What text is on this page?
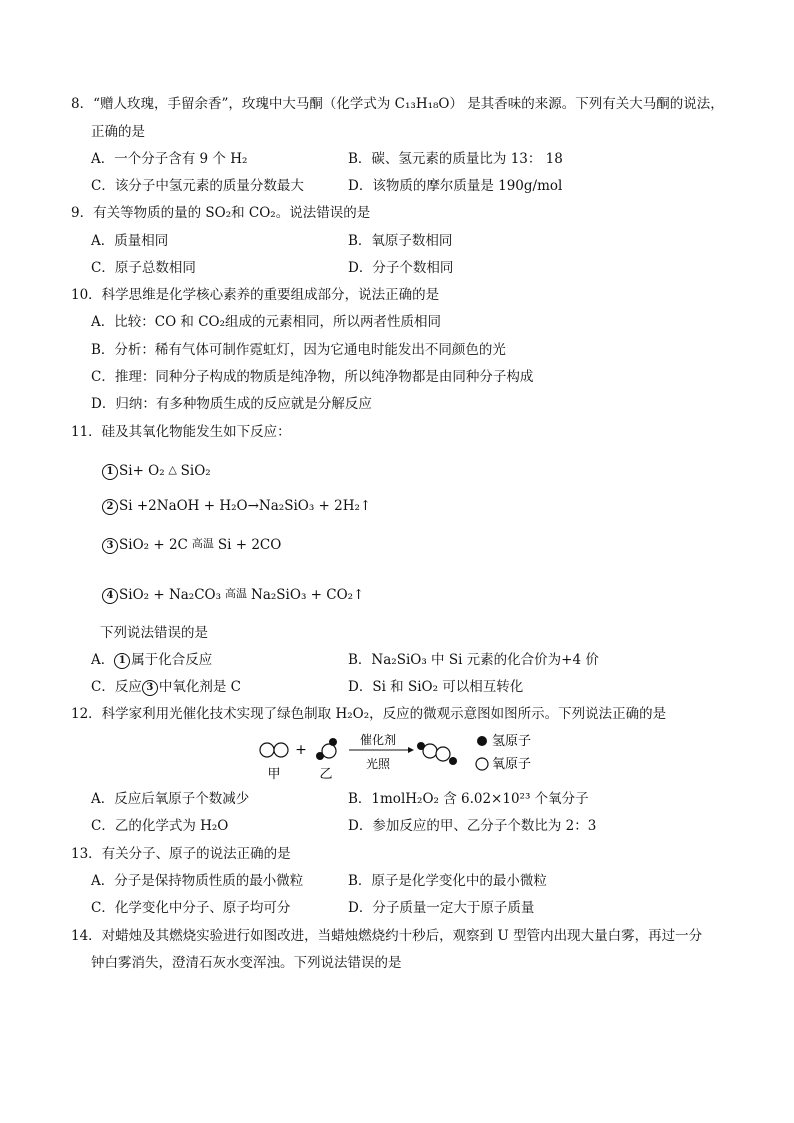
8．“赠人玫瑰，手留余香”，玫瑰中大马酮（化学式为 C₁₃H₁₈O） 是其香味的来源。下列有关大马酮的说法，
正确的是
A．一个分子含有 9 个 H₂	B．碳、氢元素的质量比为 13： 18
C．该分子中氢元素的质量分数最大	D．该物质的摩尔质量是 190g/mol
9．有关等物质的量的 SO₂和 CO₂。说法错误的是
A．质量相同	B．氧原子数相同
C．原子总数相同	D．分子个数相同
10．科学思维是化学核心素养的重要组成部分，说法正确的是
A．比较：CO 和 CO₂组成的元素相同，所以两者性质相同
B．分析：稀有气体可制作霓虹灯，因为它通电时能发出不同颜色的光
C．推理：同种分子构成的物质是纯净物，所以纯净物都是由同种分子构成
D．归纳：有多种物质生成的反应就是分解反应
11．硅及其氧化物能发生如下反应：
1 Si+ O₂ △ SiO₂
2 Si +2NaOH + H₂O→Na₂SiO₃ + 2H₂↑
3 SiO₂ + 2C 高温 Si + 2CO
4 SiO₂ + Na₂CO₃ 高温 Na₂SiO₃ + CO₂↑
下列说法错误的是
A． 1 属于化合反应	B．Na₂SiO₃ 中 Si 元素的化合价为+4 价
C．反应 3 中氧化剂是 C	D．Si 和 SiO₂ 可以相互转化
12．科学家利用光催化技术实现了绿色制取 H₂O₂，反应的微观示意图如图所示。下列说法正确的是
甲
+
乙
催化剂
光照
氢原子
氧原子
A．反应后氧原子个数减少	B．1molH₂O₂ 含 6.02×10²³ 个氧分子
C．乙的化学式为 H₂O	D．参加反应的甲、乙分子个数比为 2：3
13．有关分子、原子的说法正确的是
A．分子是保持物质性质的最小微粒	B．原子是化学变化中的最小微粒
C．化学变化中分子、原子均可分	D．分子质量一定大于原子质量
14．对蜡烛及其燃烧实验进行如图改进，当蜡烛燃烧约十秒后，观察到 U 型管内出现大量白雾，再过一分
钟白雾消失，澄清石灰水变浑浊。下列说法错误的是
